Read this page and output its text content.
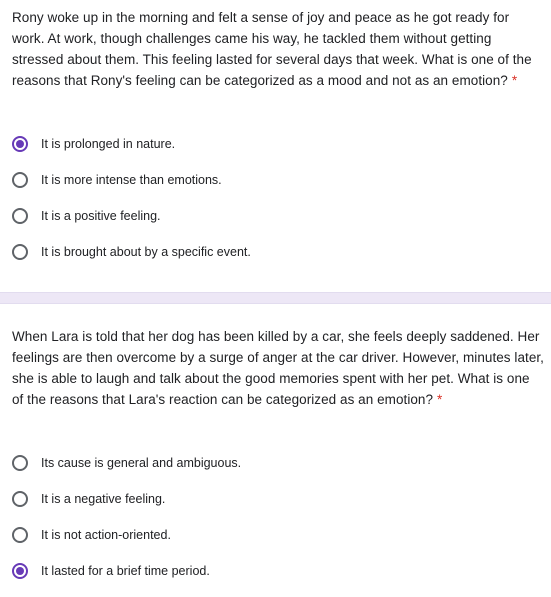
Rony woke up in the morning and felt a sense of joy and peace as he got ready for work. At work, though challenges came his way, he tackled them without getting stressed about them. This feeling lasted for several days that week. What is one of the reasons that Rony's feeling can be categorized as a mood and not as an emotion? *
It is prolonged in nature.
It is more intense than emotions.
It is a positive feeling.
It is brought about by a specific event.
When Lara is told that her dog has been killed by a car, she feels deeply saddened. Her feelings are then overcome by a surge of anger at the car driver. However, minutes later, she is able to laugh and talk about the good memories spent with her pet. What is one of the reasons that Lara's reaction can be categorized as an emotion? *
Its cause is general and ambiguous.
It is a negative feeling.
It is not action-oriented.
It lasted for a brief time period.
